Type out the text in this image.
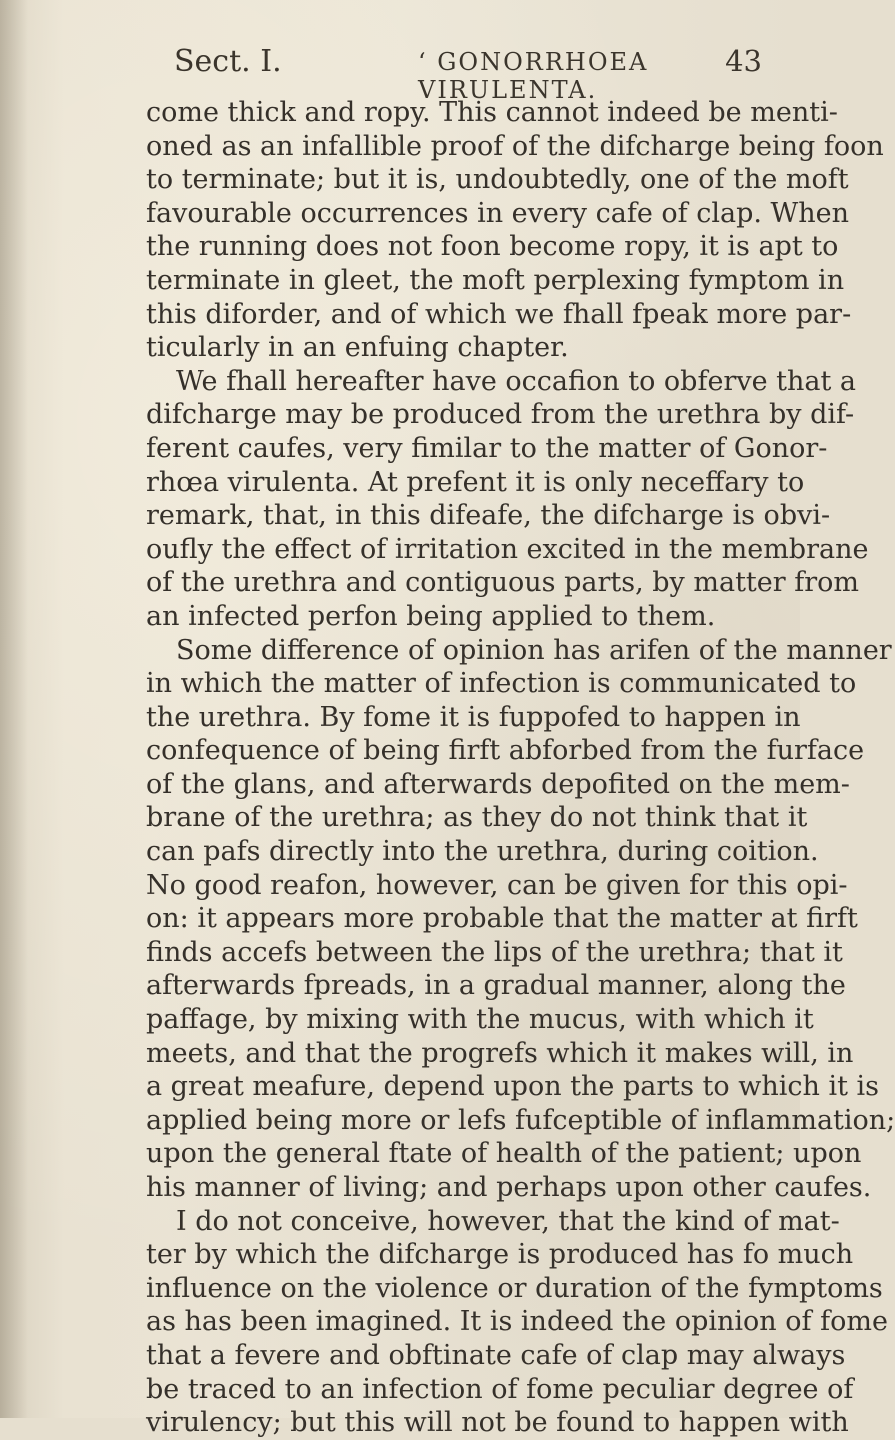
Sect. I.	‘ GONORRHOEA VIRULENTA.
43
come thick and ropy. This cannot indeed be menti-
oned as an infallible proof of the difcharge being foon
to terminate; but it is, undoubtedly, one of the moft
favourable occurrences in every cafe of clap. When
the running does not foon become ropy, it is apt to
terminate in gleet, the moft perplexing fymptom in
this diforder, and of which we fhall fpeak more par-
ticularly in an enfuing chapter.
We fhall hereafter have occafion to obferve that a
difcharge may be produced from the urethra by dif-
ferent caufes, very fimilar to the matter of Gonor-
rhœa virulenta. At prefent it is only neceffary to
remark, that, in this difeafe, the difcharge is obvi-
oufly the effect of irritation excited in the membrane
of the urethra and contiguous parts, by matter from
an infected perfon being applied to them.
Some difference of opinion has arifen of the manner
in which the matter of infection is communicated to
the urethra. By fome it is fuppofed to happen in
confequence of being firft abforbed from the furface
of the glans, and afterwards depofited on the mem-
brane of the urethra; as they do not think that it
can pafs directly into the urethra, during coition.
No good reafon, however, can be given for this opi-
on: it appears more probable that the matter at firft
finds accefs between the lips of the urethra; that it
afterwards fpreads, in a gradual manner, along the
paffage, by mixing with the mucus, with which it
meets, and that the progrefs which it makes will, in
a great meafure, depend upon the parts to which it is
applied being more or lefs fufceptible of inflammation;
upon the general ftate of health of the patient; upon
his manner of living; and perhaps upon other caufes.
I do not conceive, however, that the kind of mat-
ter by which the difcharge is produced has fo much
influence on the violence or duration of the fymptoms
as has been imagined. It is indeed the opinion of fome
that a fevere and obftinate cafe of clap may always
be traced to an infection of fome peculiar degree of
virulency; but this will not be found to happen with
